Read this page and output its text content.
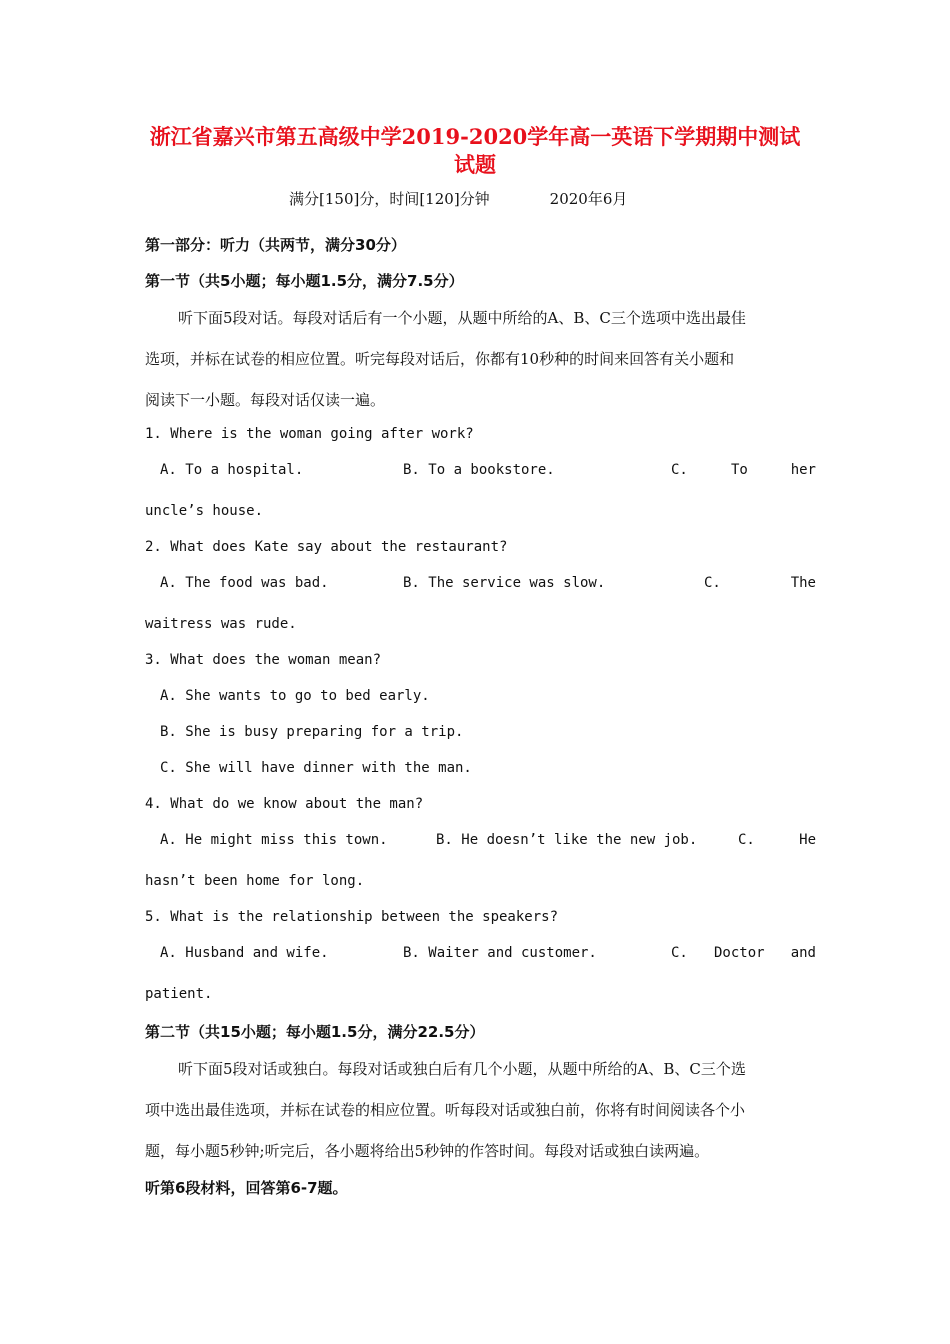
浙江省嘉兴市第五高级中学2019-2020学年高一英语下学期期中测试
试题
满分[150]分，时间[120]分钟	2020年6月
第一部分：听力（共两节，满分30分）
第一节（共5小题；每小题1.5分，满分7.5分）
听下面5段对话。每段对话后有一个小题，从题中所给的A、B、C三个选项中选出最佳
选项，并标在试卷的相应位置。听完每段对话后，你都有10秒种的时间来回答有关小题和
阅读下一小题。每段对话仅读一遍。
1. Where is the woman going after work?
A. To a hospital.	B. To a bookstore.	C.	To	her
uncle’s house.
2. What does Kate say about the restaurant?
A. The food was bad.	B. The service was slow.	C.	The
waitress was rude.
3. What does the woman mean?
A. She wants to go to bed early.
B. She is busy preparing for a trip.
C. She will have dinner with the man.
4. What do we know about the man?
A. He might miss this town.	B. He doesn’t like the new job.	C.	He
hasn’t been home for long.
5. What is the relationship between the speakers?
A. Husband and wife.	B. Waiter and customer.	C. Doctor and
patient.
第二节（共15小题；每小题1.5分，满分22.5分）
听下面5段对话或独白。每段对话或独白后有几个小题，从题中所给的A、B、C三个选
项中选出最佳选项，并标在试卷的相应位置。听每段对话或独白前，你将有时间阅读各个小
题，每小题5秒钟;听完后，各小题将给出5秒钟的作答时间。每段对话或独白读两遍。
听第6段材料，回答第6-7题。
